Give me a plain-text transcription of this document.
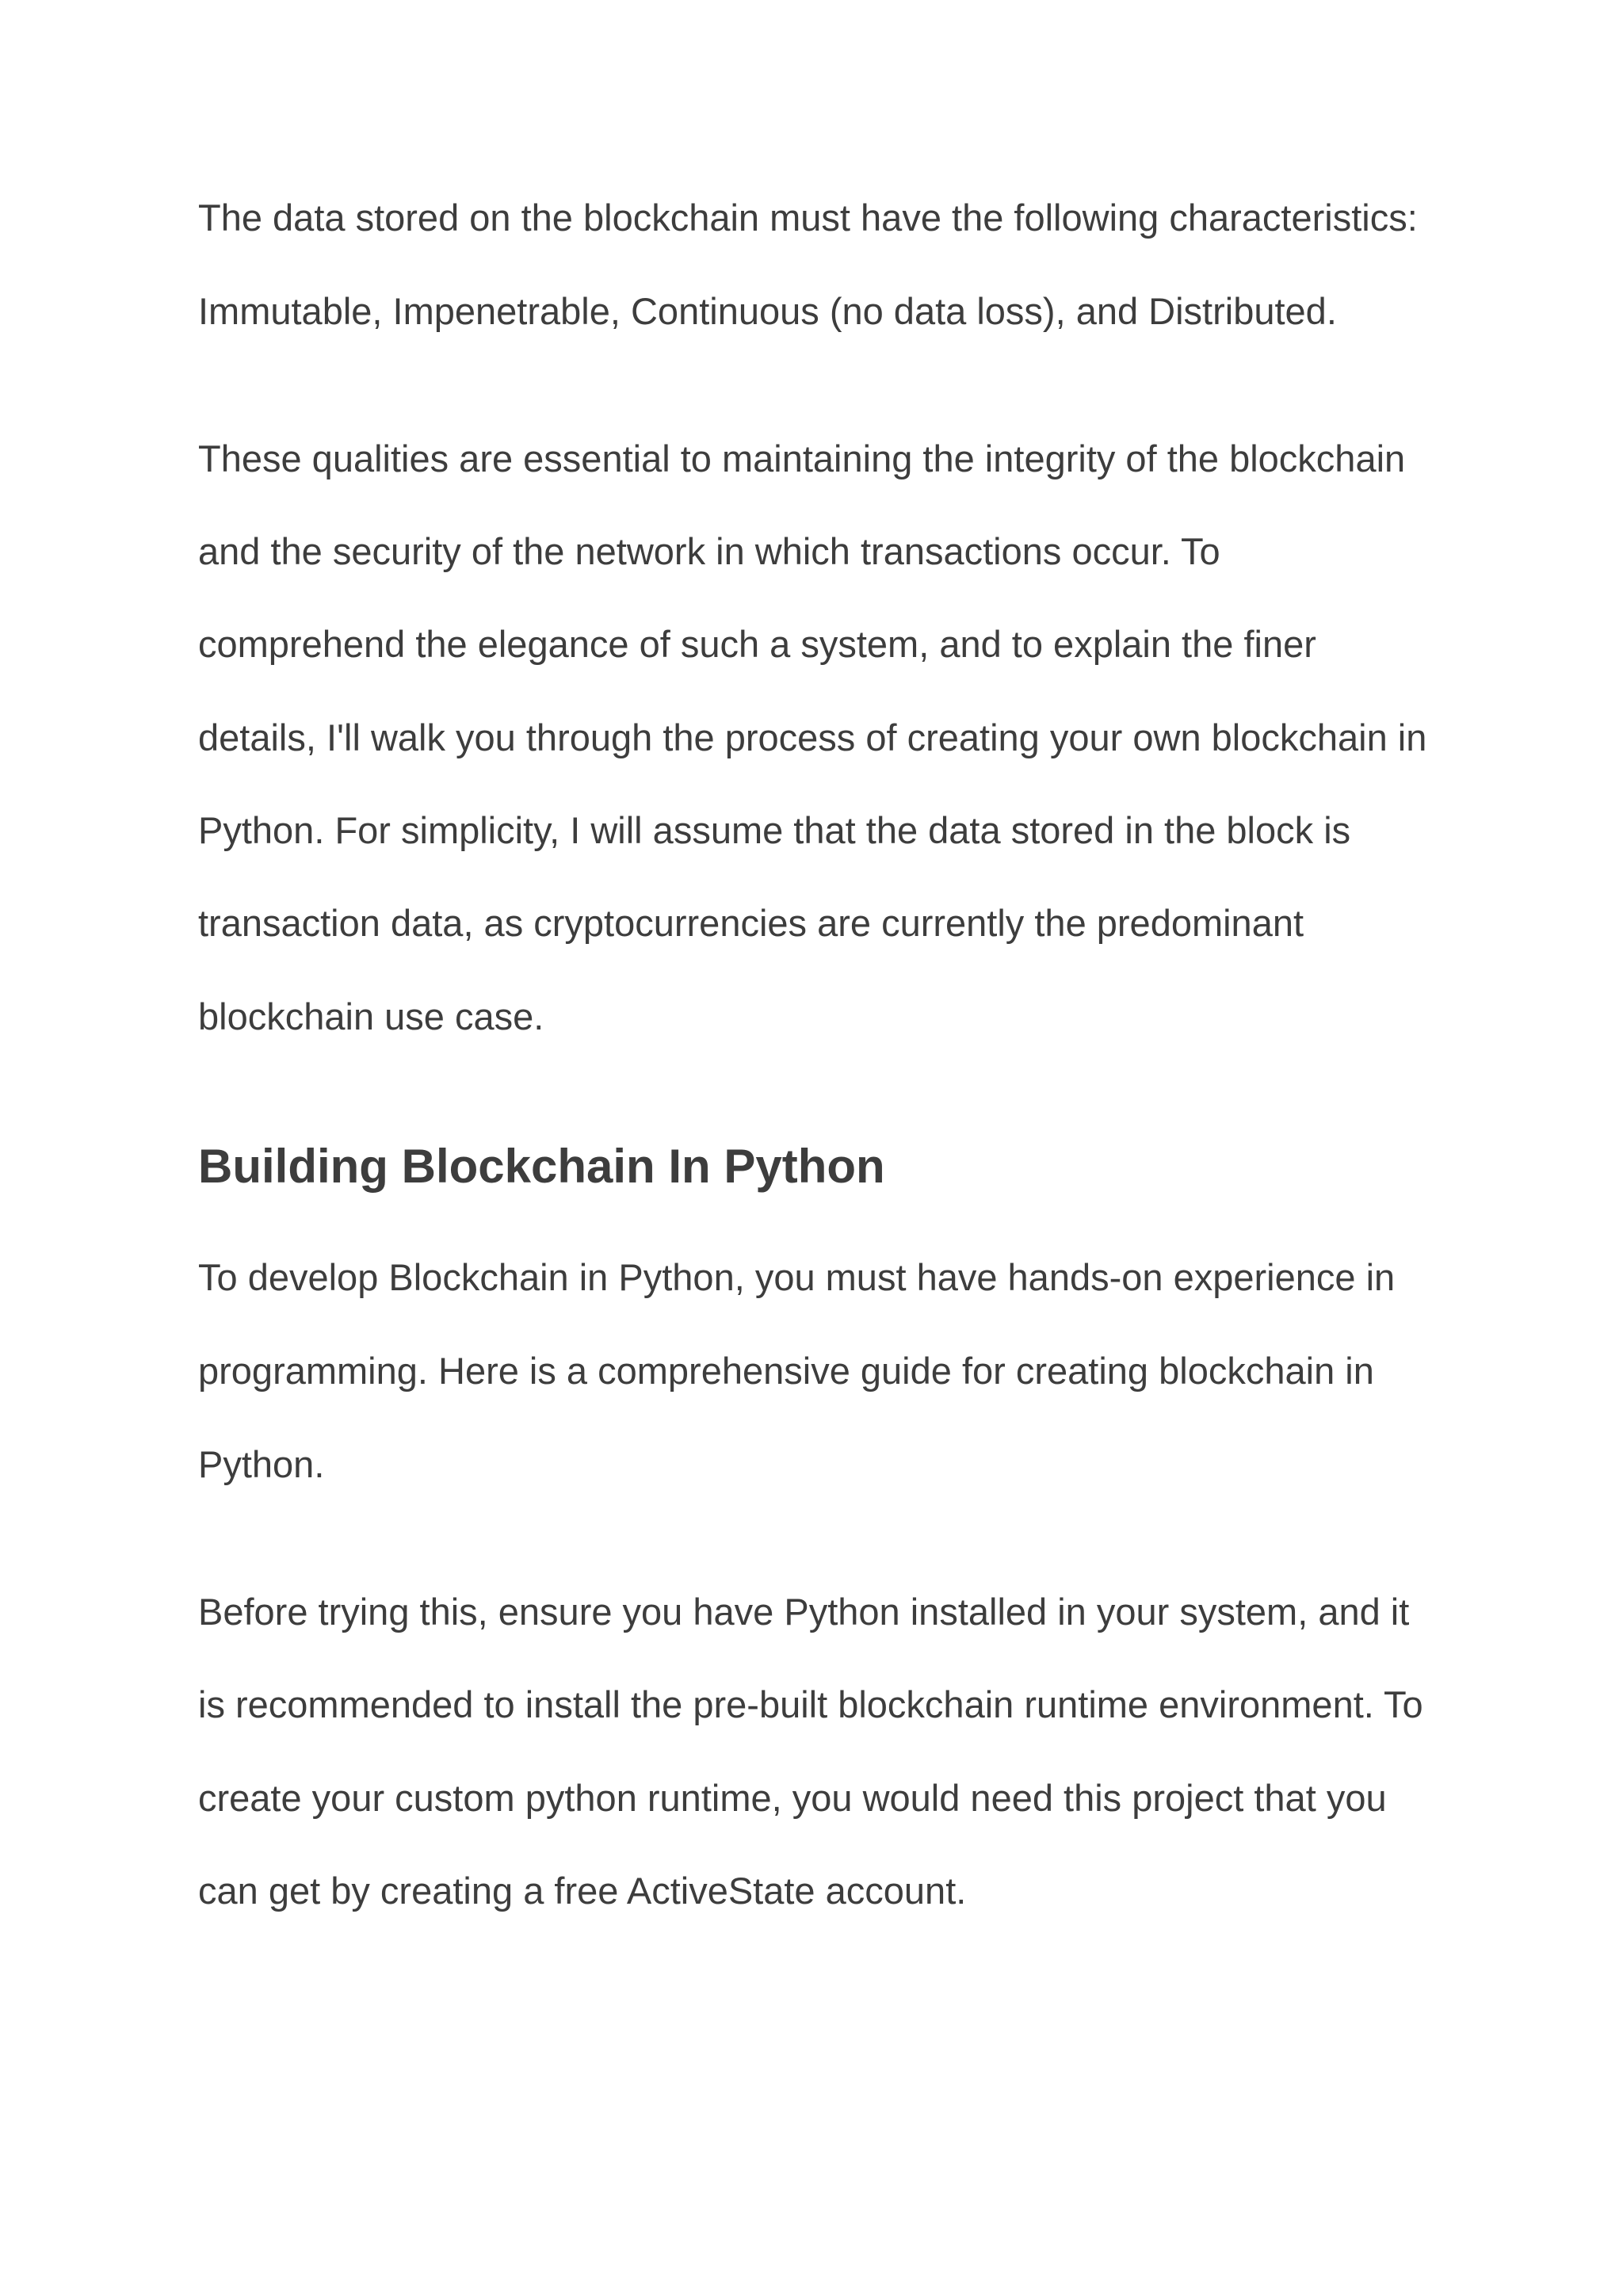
The data stored on the blockchain must have the following characteristics:
Immutable, Impenetrable, Continuous (no data loss), and Distributed.
These qualities are essential to maintaining the integrity of the blockchain
and the security of the network in which transactions occur. To
comprehend the elegance of such a system, and to explain the finer
details, I'll walk you through the process of creating your own blockchain in
Python. For simplicity, I will assume that the data stored in the block is
transaction data, as cryptocurrencies are currently the predominant
blockchain use case.
Building Blockchain In Python
To develop Blockchain in Python, you must have hands-on experience in
programming. Here is a comprehensive guide for creating blockchain in
Python.
Before trying this, ensure you have Python installed in your system, and it
is recommended to install the pre-built blockchain runtime environment. To
create your custom python runtime, you would need this project that you
can get by creating a free ActiveState account.
